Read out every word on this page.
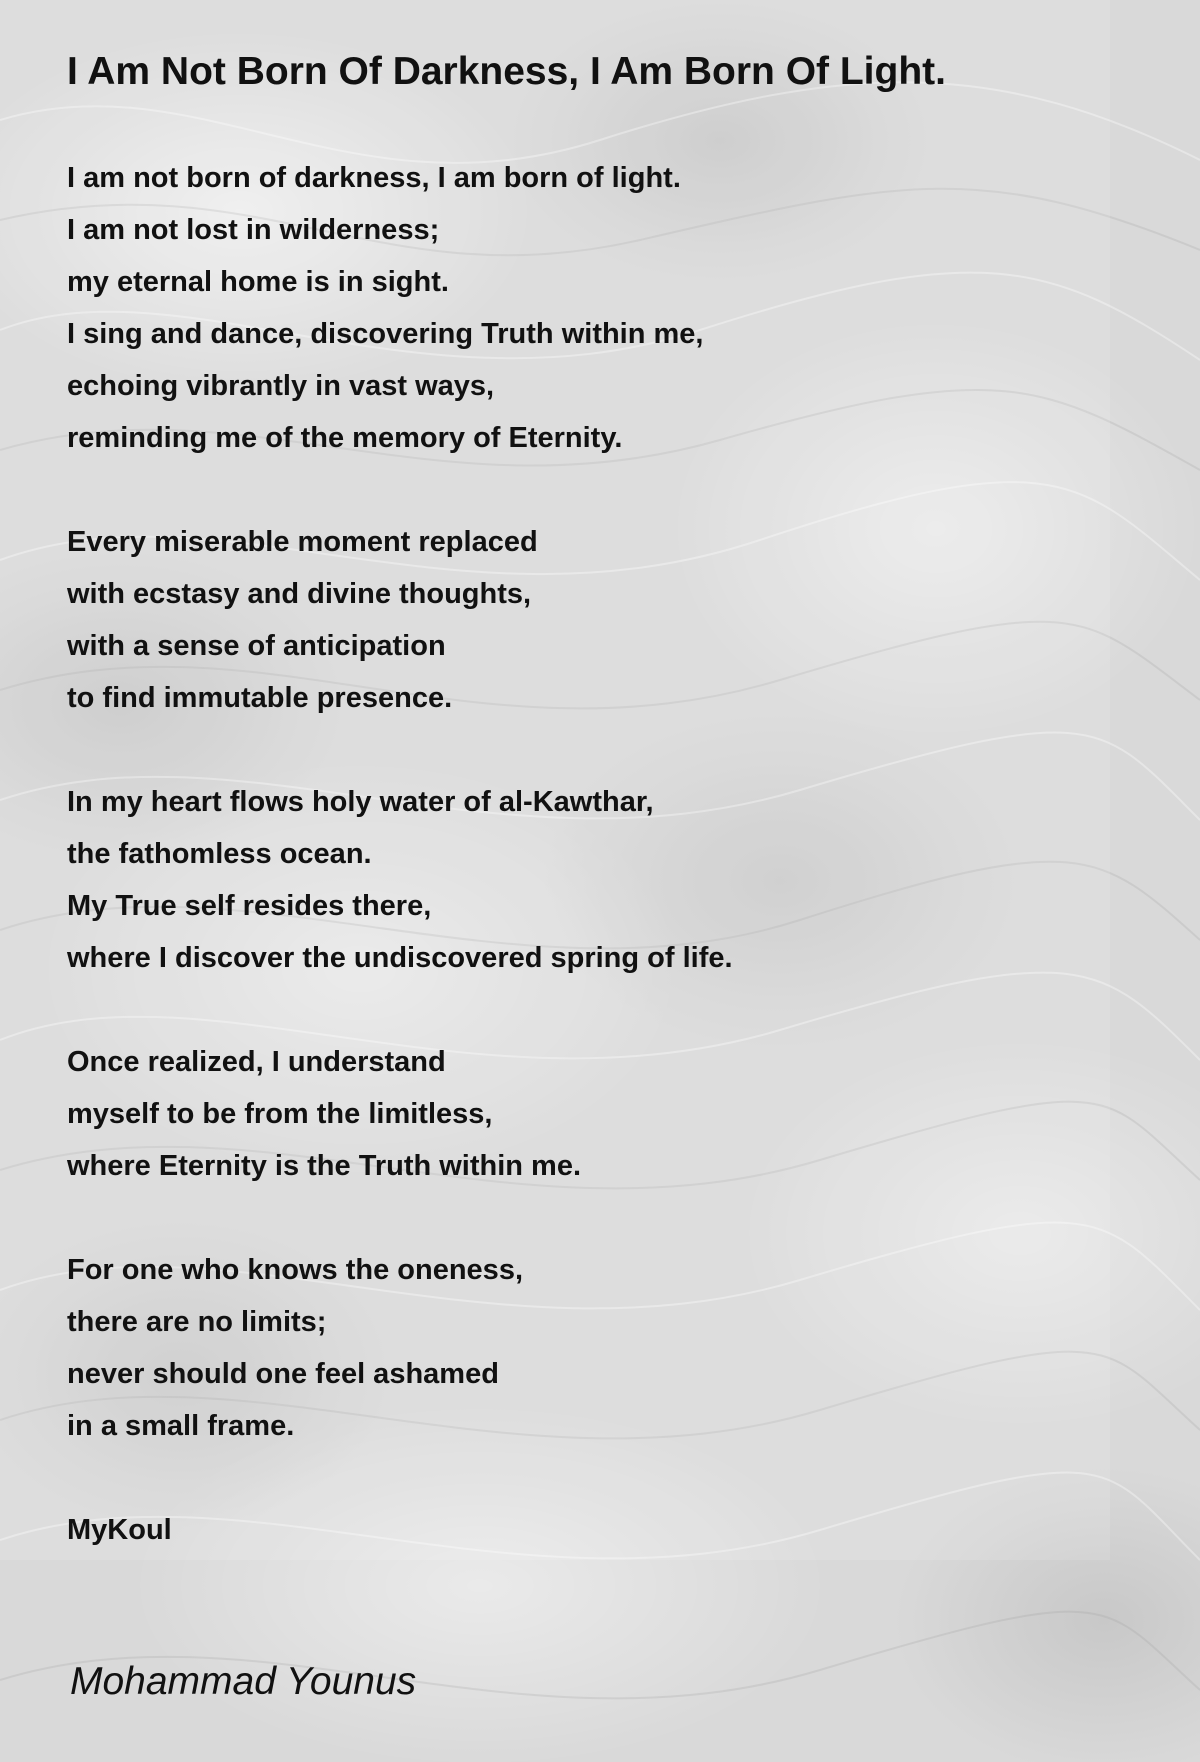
I Am Not Born Of Darkness, I Am Born Of Light.
I am not born of darkness, I am born of light.
I am not lost in wilderness;
my eternal home is in sight.
I sing and dance, discovering Truth within me,
echoing vibrantly in vast ways,
reminding me of the memory of Eternity.
Every miserable moment replaced
with ecstasy and divine thoughts,
with a sense of anticipation
to find immutable presence.
In my heart flows holy water of al-Kawthar,
the fathomless ocean.
My True self resides there,
where I discover the undiscovered spring of life.
Once realized, I understand
myself to be from the limitless,
where Eternity is the Truth within me.
For one who knows the oneness,
there are no limits;
never should one feel ashamed
in a small frame.
MyKoul

Mohammad Younus
